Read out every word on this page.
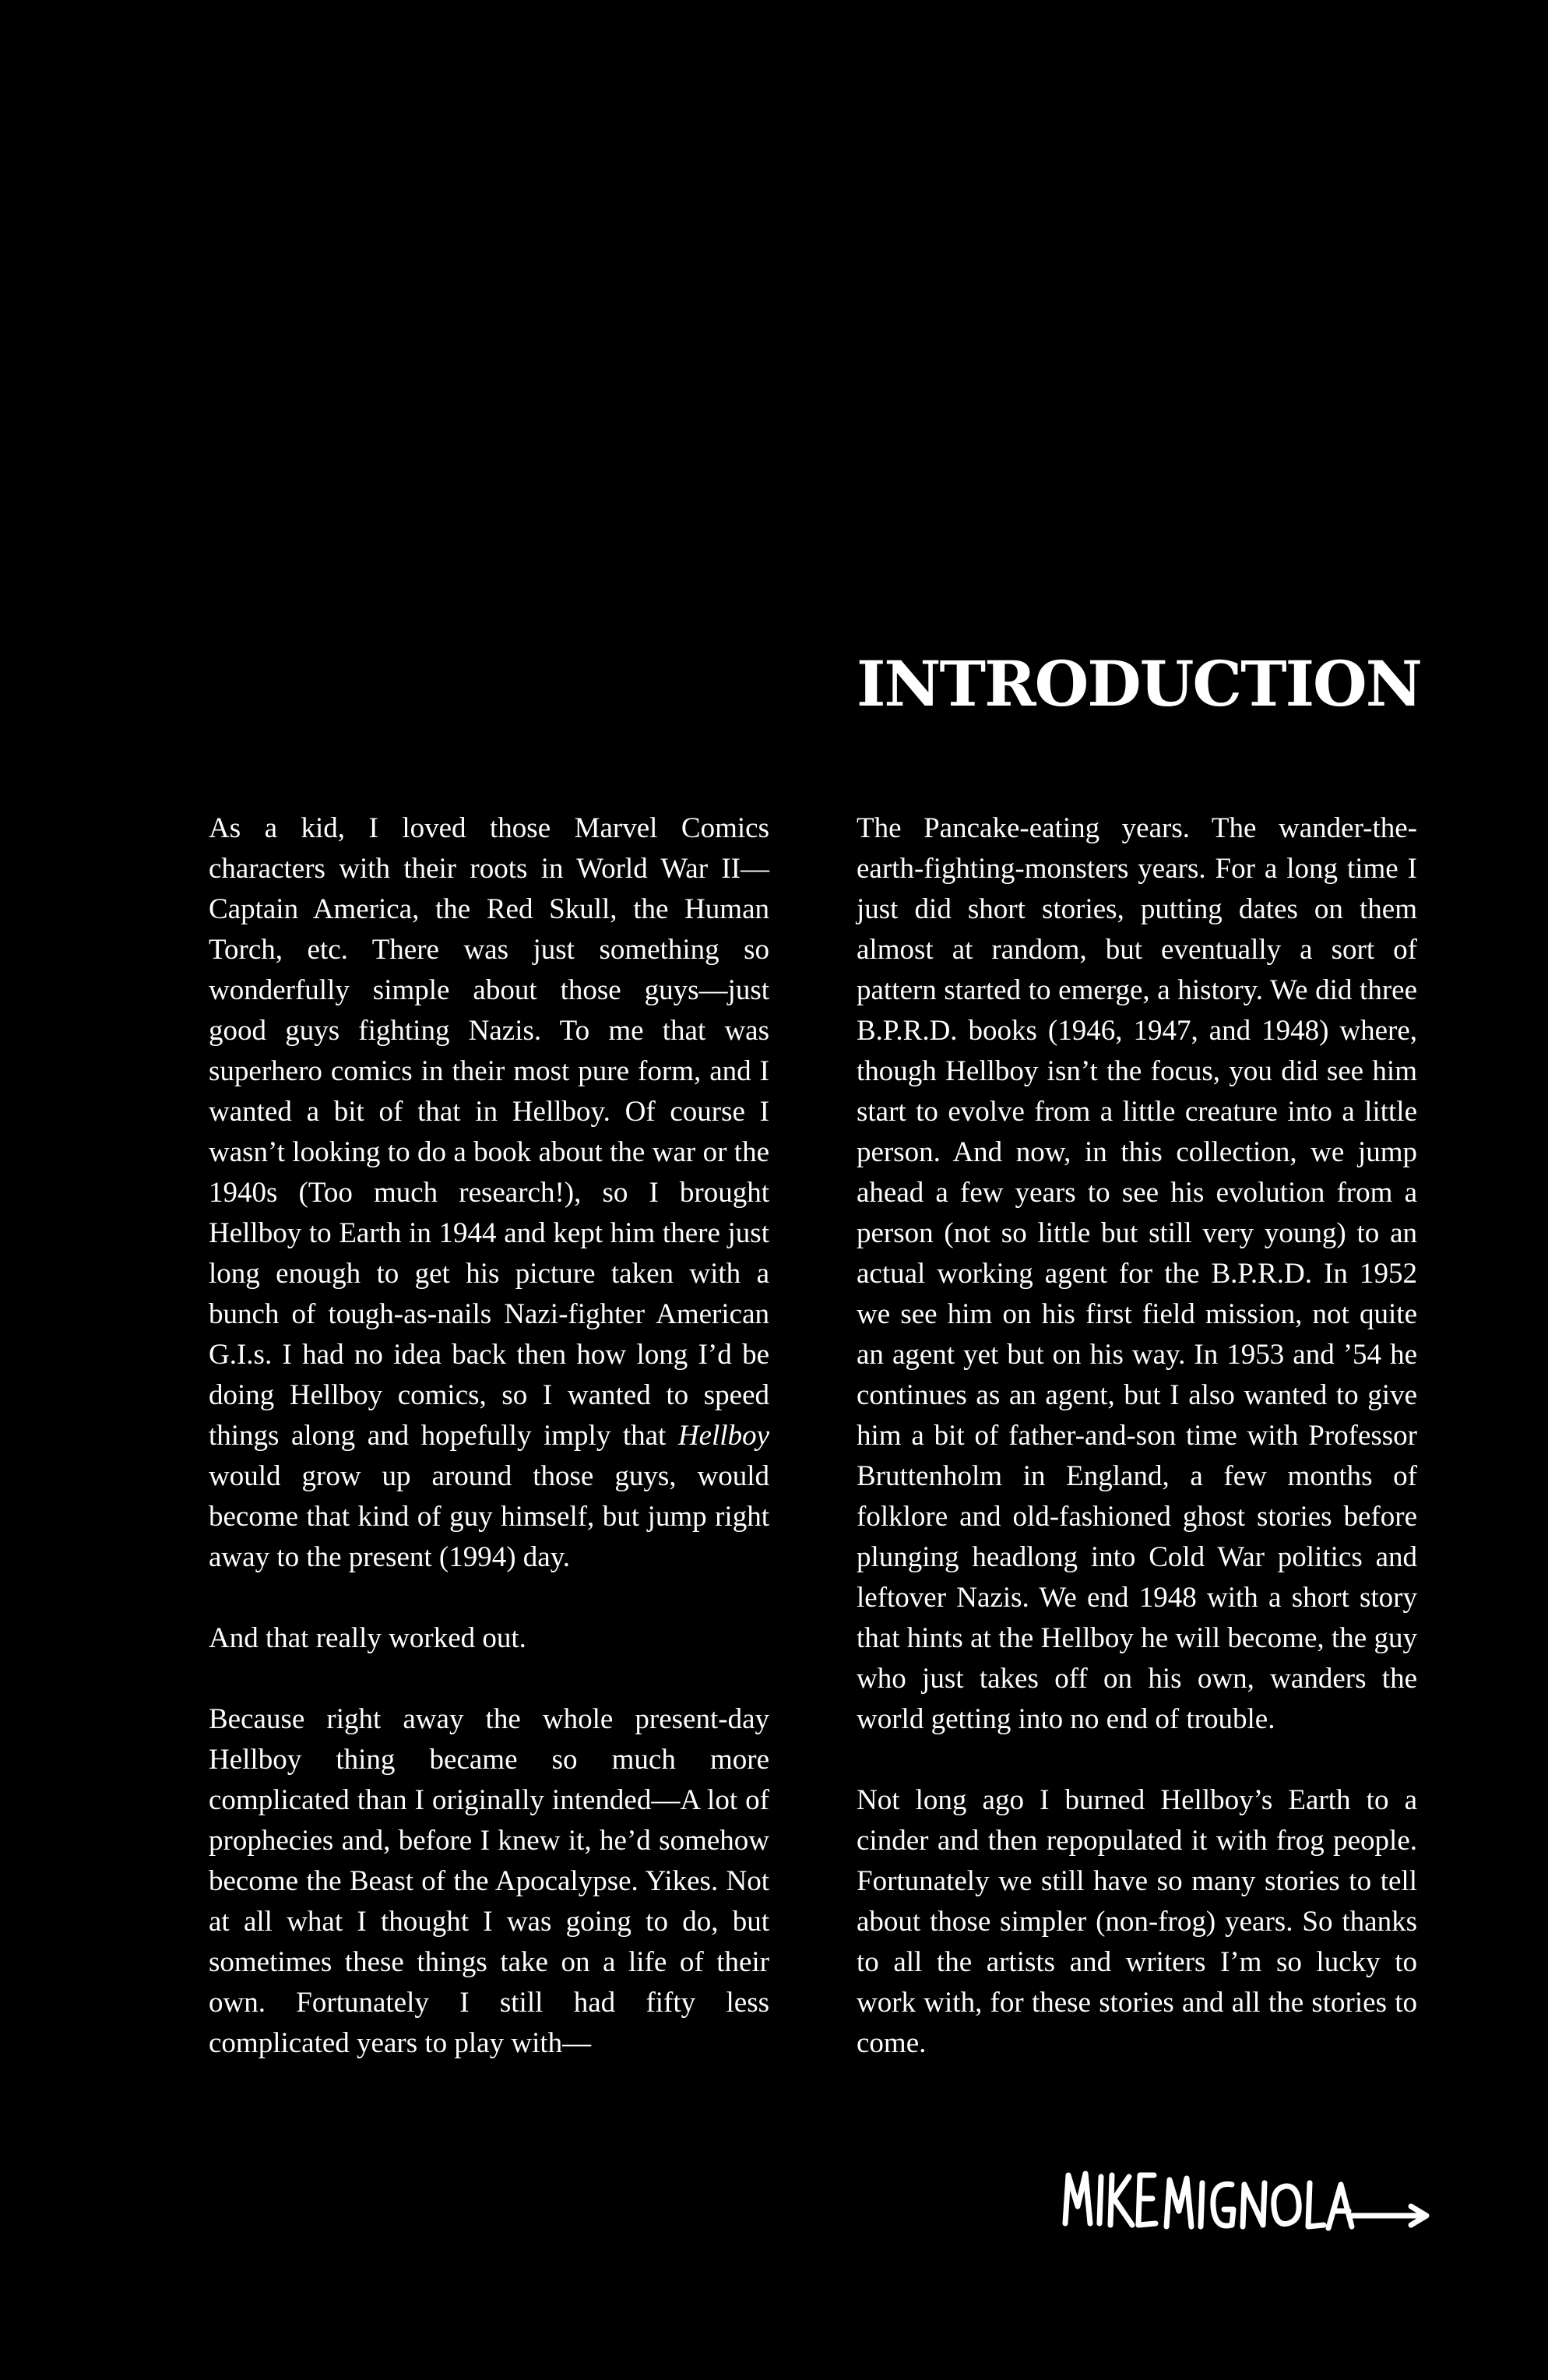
INTRODUCTION

As a kid, I loved those Marvel Comics characters with their roots in World War II—Captain America, the Red Skull, the Human Torch, etc. There was just something so wonderfully simple about those guys—just good guys fighting Nazis. To me that was superhero comics in their most pure form, and I wanted a bit of that in Hellboy. Of course I wasn’t looking to do a book about the war or the 1940s (Too much research!), so I brought Hellboy to Earth in 1944 and kept him there just long enough to get his picture taken with a bunch of tough-as-nails Nazi-fighter American G.I.s. I had no idea back then how long I’d be doing Hellboy comics, so I wanted to speed things along and hopefully imply that Hellboy would grow up around those guys, would become that kind of guy himself, but jump right away to the present (1994) day.

And that really worked out.

Because right away the whole present-day Hellboy thing became so much more complicated than I originally intended—A lot of prophecies and, before I knew it, he’d somehow become the Beast of the Apocalypse. Yikes. Not at all what I thought I was going to do, but sometimes these things take on a life of their own. Fortunately I still had fifty less complicated years to play with—

The Pancake-eating years. The wander-the-earth-fighting-monsters years. For a long time I just did short stories, putting dates on them almost at random, but eventually a sort of pattern started to emerge, a history. We did three B.P.R.D. books (1946, 1947, and 1948) where, though Hellboy isn’t the focus, you did see him start to evolve from a little creature into a little person. And now, in this collection, we jump ahead a few years to see his evolution from a person (not so little but still very young) to an actual working agent for the B.P.R.D. In 1952 we see him on his first field mission, not quite an agent yet but on his way. In 1953 and ’54 he continues as an agent, but I also wanted to give him a bit of father-and-son time with Professor Bruttenholm in England, a few months of folklore and old-fashioned ghost stories before plunging headlong into Cold War politics and leftover Nazis. We end 1948 with a short story that hints at the Hellboy he will become, the guy who just takes off on his own, wanders the world getting into no end of trouble.

Not long ago I burned Hellboy’s Earth to a cinder and then repopulated it with frog people. Fortunately we still have so many stories to tell about those simpler (non-frog) years. So thanks to all the artists and writers I’m so lucky to work with, for these stories and all the stories to come.
